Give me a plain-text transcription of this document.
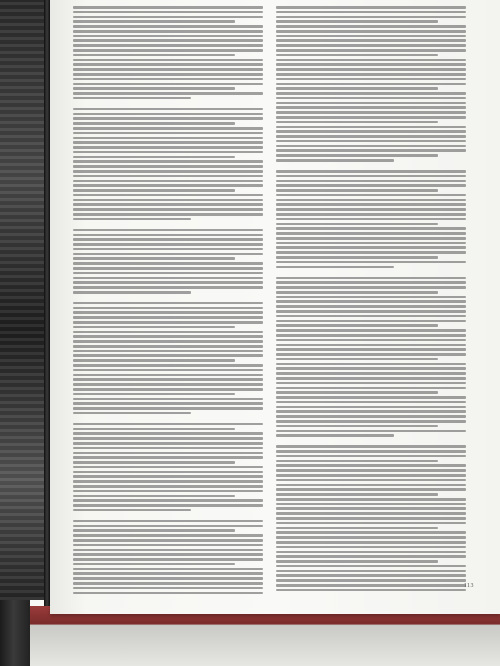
113
